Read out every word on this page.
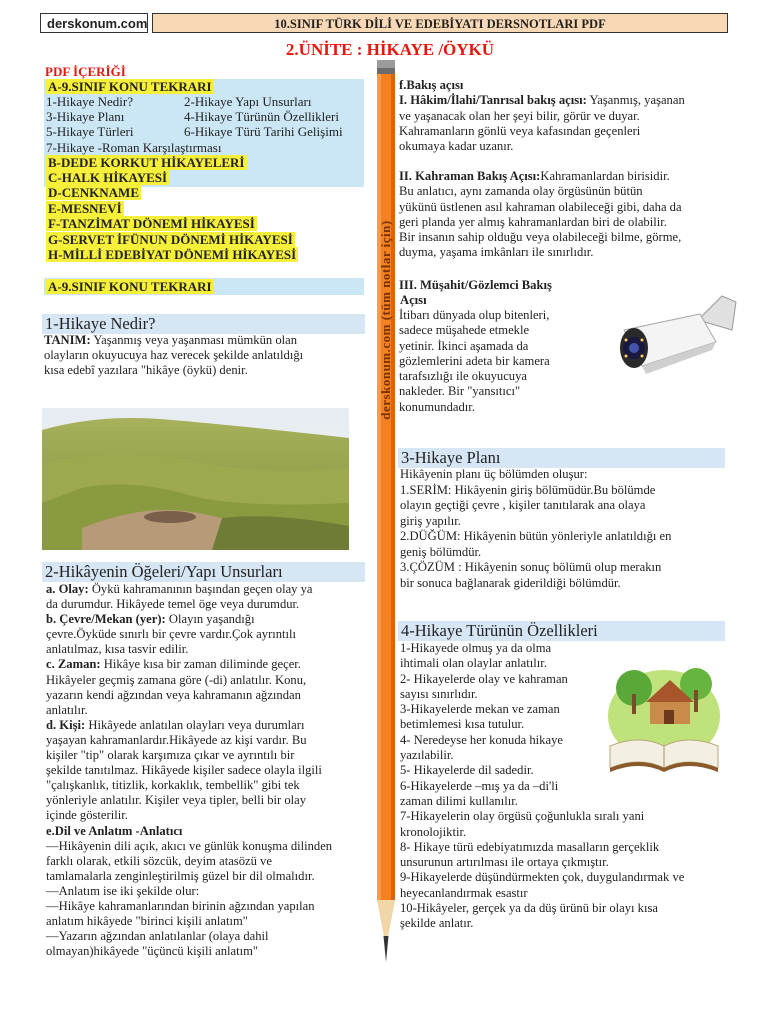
derskonum.com	10.SINIF TÜRK DİLİ VE EDEBİYATI DERSNOTLARI PDF
2.ÜNİTE : HİKAYE /ÖYKÜ
PDF İÇERİĞİ
A-9.SINIF KONU TEKRARI
1-Hikaye Nedir?	2-Hikaye Yapı Unsurları
3-Hikaye Planı	4-Hikaye Türünün Özellikleri
5-Hikaye Türleri	6-Hikaye Türü Tarihi Gelişimi
7-Hikaye -Roman Karşılaştırması
B-DEDE KORKUT HİKAYELERİ
C-HALK HİKAYESİ
D-CENKNAME
E-MESNEVİ
F-TANZİMAT DÖNEMİ HİKAYESİ
G-SERVET İFÜNUN DÖNEMİ HİKAYESİ
H-MİLLİ EDEBİYAT DÖNEMİ HİKAYESİ
A-9.SINIF KONU TEKRARI
1-Hikaye Nedir?
TANIM: Yaşanmış veya yaşanması mümkün olan
olayların okuyucuya haz verecek şekilde anlatıldığı
kısa edebî yazılara "hikâye (öykü) denir.
2-Hikâyenin Öğeleri/Yapı Unsurları
a. Olay: Öykü kahramanının başından geçen olay ya
da durumdur. Hikâyede temel öge veya durumdur.
b. Çevre/Mekan (yer): Olayın yaşandığı
çevre.Öyküde sınırlı bir çevre vardır.Çok ayrıntılı
anlatılmaz, kısa tasvir edilir.
c. Zaman: Hikâye kısa bir zaman diliminde geçer.
Hikâyeler geçmiş zamana göre (-di) anlatılır. Konu,
yazarın kendi ağzından veya kahramanın ağzından
anlatılır.
d. Kişi: Hikâyede anlatılan olayları veya durumları
yaşayan kahramanlardır.Hikâyede az kişi vardır. Bu
kişiler "tip" olarak karşımıza çıkar ve ayrıntılı bir
şekilde tanıtılmaz. Hikâyede kişiler sadece olayla ilgili
"çalışkanlık, titizlik, korkaklık, tembellik" gibi tek
yönleriyle anlatılır. Kişiler veya tipler, belli bir olay
içinde gösterilir.
e.Dil ve Anlatım -Anlatıcı
—Hikâyenin dili açık, akıcı ve günlük konuşma dilinden
farklı olarak, etkili sözcük, deyim atasözü ve
tamlamalarla zenginleştirilmiş güzel bir dil olmalıdır.
—Anlatım ise iki şekilde olur:
—Hikâye kahramanlarından birinin ağzından yapılan
anlatım hikâyede "birinci kişili anlatım"
—Yazarın ağzından anlatılanlar (olaya dahil
olmayan)hikâyede "üçüncü kişili anlatım"
derskonum.com (tüm notlar için)
f.Bakış açısı
I. Hâkim/İlahi/Tanrısal bakış açısı: Yaşanmış, yaşanan
ve yaşanacak olan her şeyi bilir, görür ve duyar.
Kahramanların gönlü veya kafasından geçenleri
okumaya kadar uzanır.
II. Kahraman Bakış Açısı:Kahramanlardan birisidir.
Bu anlatıcı, aynı zamanda olay örgüsünün bütün
yükünü üstlenen asıl kahraman olabileceği gibi, daha da
geri planda yer almış kahramanlardan biri de olabilir.
Bir insanın sahip olduğu veya olabileceği bilme, görme,
duyma, yaşama imkânları ile sınırlıdır.
III. Müşahit/Gözlemci Bakış
Açısı
İtibarı dünyada olup bitenleri,
sadece müşahede etmekle
yetinir. İkinci aşamada da
gözlemlerini adeta bir kamera
tarafsızlığı ile okuyucuya
nakleder. Bir "yansıtıcı"
konumundadır.
3-Hikaye Planı
Hikâyenin planı üç bölümden oluşur:
1.SERİM: Hikâyenin giriş bölümüdür.Bu bölümde
olayın geçtiği çevre , kişiler tanıtılarak ana olaya
giriş yapılır.
2.DÜĞÜM: Hikâyenin bütün yönleriyle anlatıldığı en
geniş bölümdür.
3.ÇÖZÜM : Hikâyenin sonuç bölümü olup merakın
bir sonuca bağlanarak giderildiği bölümdür.
4-Hikaye Türünün Özellikleri
1-Hikayede olmuş ya da olma
ihtimali olan olaylar anlatılır.
2- Hikayelerde olay ve kahraman
sayısı sınırlıdır.
3-Hikayelerde mekan ve zaman
betimlemesi kısa tutulur.
4- Neredeyse her konuda hikaye
yazılabilir.
5- Hikayelerde dil sadedir.
6-Hikayelerde –mış ya da –di'li
zaman dilimi kullanılır.
7-Hikayelerin olay örgüsü çoğunlukla sıralı yani
kronolojiktir.
8- Hikaye türü edebiyatımızda masalların gerçeklik
unsurunun artırılması ile ortaya çıkmıştır.
9-Hikayelerde düşündürmekten çok, duygulandırmak ve
heyecanlandırmak esastır
10-Hikâyeler, gerçek ya da düş ürünü bir olayı kısa
şekilde anlatır.
